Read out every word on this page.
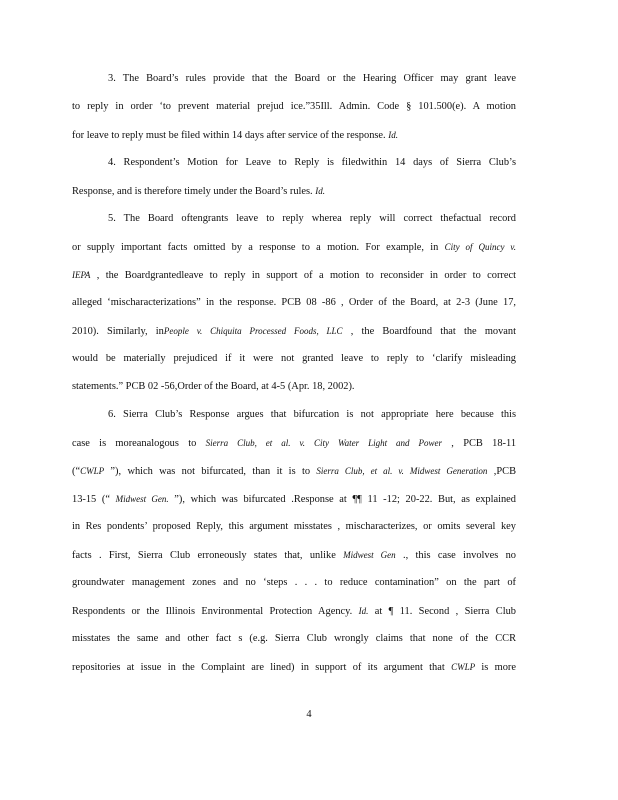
3. The Board’s rules provide that the Board or the Hearing Officer may grant leave
to reply in order ‘to prevent material prejud ice.”35Ill. Admin. Code § 101.500(e). A motion
for leave to reply must be filed within 14 days after service of the response. Id.
4. Respondent’s Motion for Leave to Reply is filedwithin 14 days of Sierra Club’s
Response, and is therefore timely under the Board’s rules. Id.
5. The Board oftengrants leave to reply wherea reply will correct thefactual record
or supply important facts omitted by a response to a motion. For example, in City of Quincy v.
IEPA , the Boardgrantedleave to reply in support of a motion to reconsider in order to correct
alleged ‘mischaracterizations” in the response. PCB 08 -86 , Order of the Board, at 2-3 (June 17,
2010). Similarly, inPeople v. Chiquita Processed Foods, LLC , the Boardfound that the movant
would be materially prejudiced if it were not granted leave to reply to ‘clarify misleading
statements.” PCB 02 -56,Order of the Board, at 4-5 (Apr. 18, 2002).
6. Sierra Club’s Response argues that bifurcation is not appropriate here because this
case is moreanalogous to Sierra Club, et al. v. City Water Light and Power , PCB 18-11
(“CWLP ”), which was not bifurcated, than it is to Sierra Club, et al. v. Midwest Generation ,PCB
13-15 (“ Midwest Gen. ”), which was bifurcated .Response at ¶¶ 11 -12; 20-22. But, as explained
in Res pondents’ proposed Reply, this argument misstates , mischaracterizes, or omits several key
facts . First, Sierra Club erroneously states that, unlike Midwest Gen ., this case involves no
groundwater management zones and no ‘steps . . . to reduce contamination” on the part of
Respondents or the Illinois Environmental Protection Agency. Id. at ¶ 11. Second , Sierra Club
misstates the same and other fact s (e.g. Sierra Club wrongly claims that none of the CCR
repositories at issue in the Complaint are lined) in support of its argument that CWLP is more
4
